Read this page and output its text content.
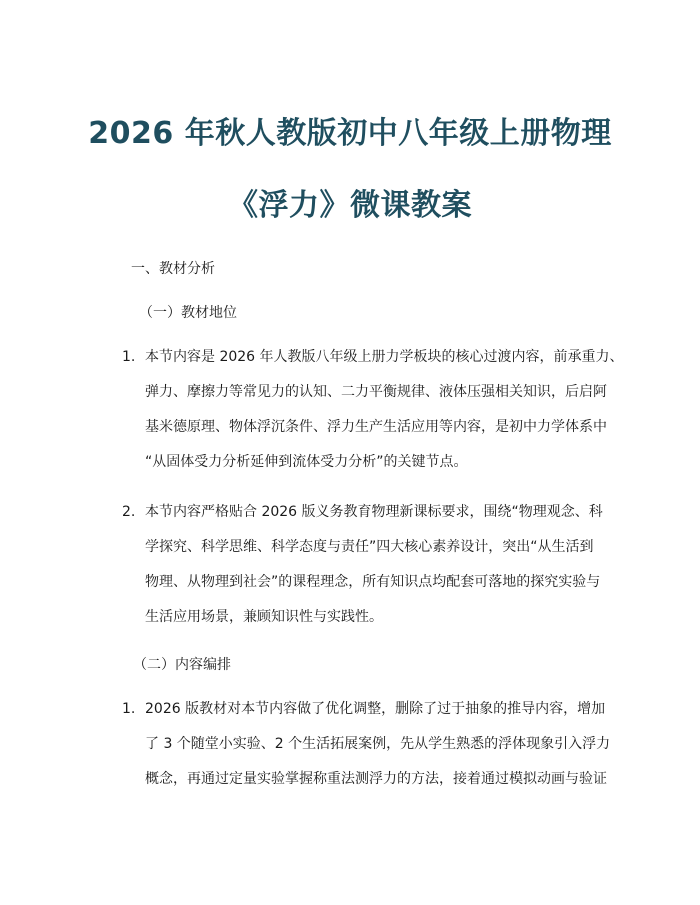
2026 年秋人教版初中八年级上册物理
《浮力》微课教案
一、教材分析
（一）教材地位
1. 本节内容是 2026 年人教版八年级上册力学板块的核心过渡内容，前承重力、
弹力、摩擦力等常见力的认知、二力平衡规律、液体压强相关知识，后启阿
基米德原理、物体浮沉条件、浮力生产生活应用等内容，是初中力学体系中
“从固体受力分析延伸到流体受力分析”的关键节点。
2. 本节内容严格贴合 2026 版义务教育物理新课标要求，围绕“物理观念、科
学探究、科学思维、科学态度与责任”四大核心素养设计，突出“从生活到
物理、从物理到社会”的课程理念，所有知识点均配套可落地的探究实验与
生活应用场景，兼顾知识性与实践性。
（二）内容编排
1. 2026 版教材对本节内容做了优化调整，删除了过于抽象的推导内容，增加
了 3 个随堂小实验、2 个生活拓展案例，先从学生熟悉的浮体现象引入浮力
概念，再通过定量实验掌握称重法测浮力的方法，接着通过模拟动画与验证
